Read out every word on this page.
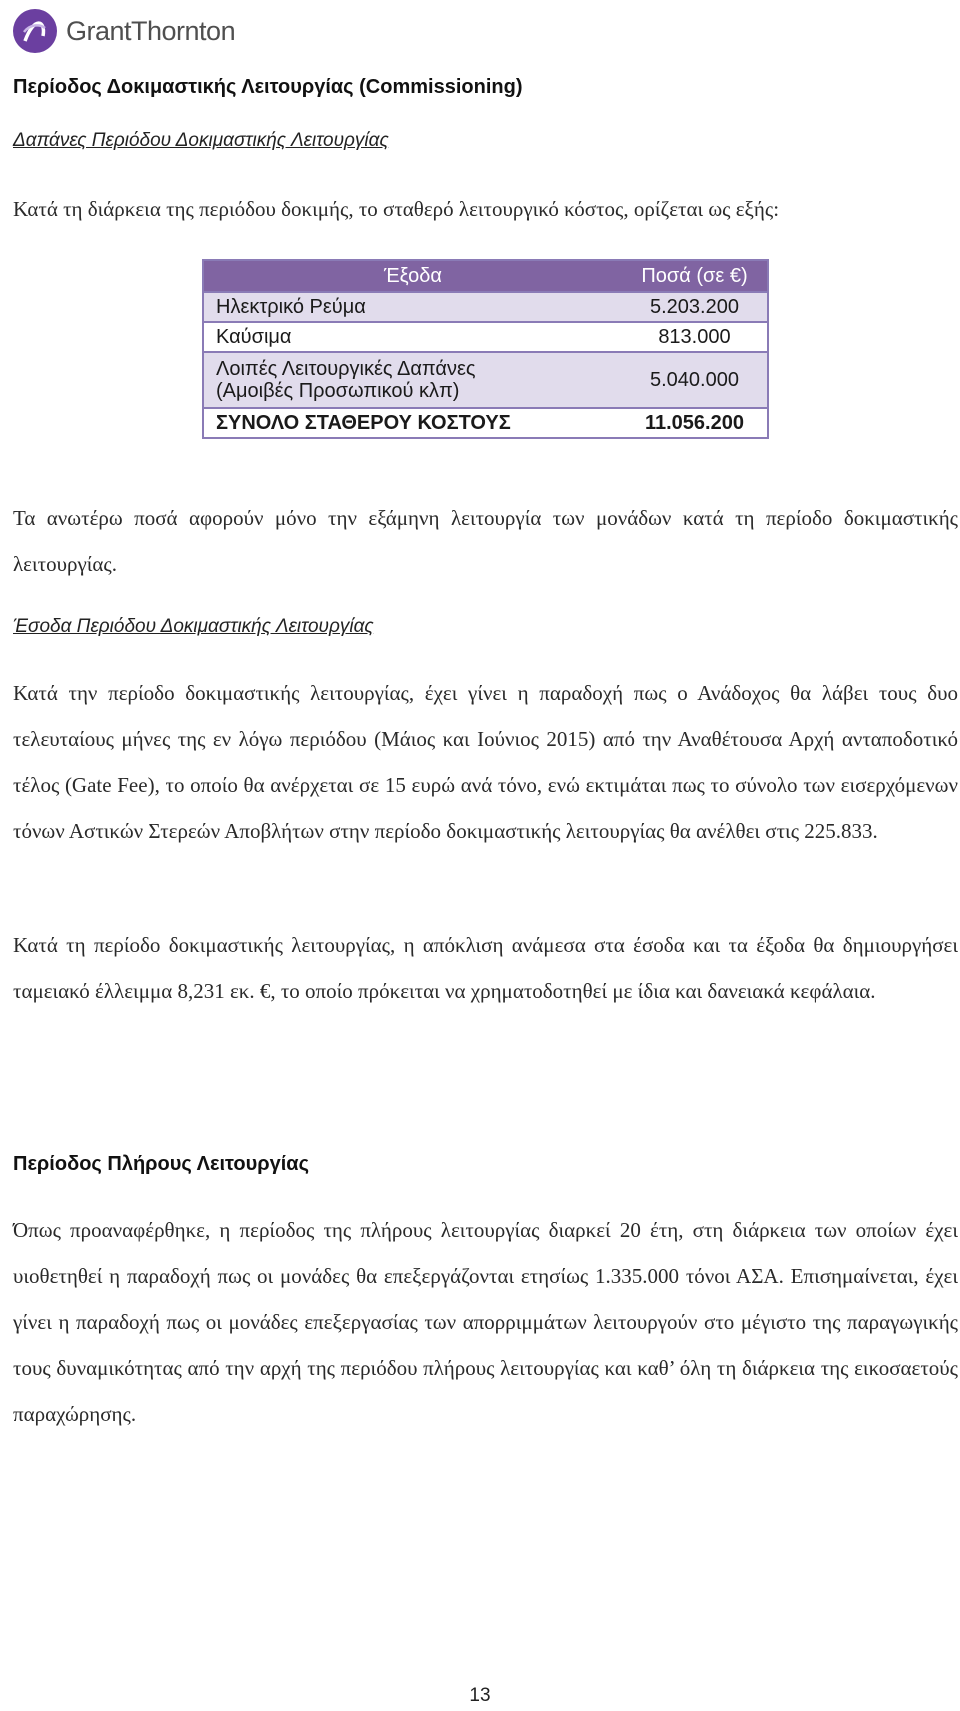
GrantThornton
Περίοδος Δοκιμαστικής Λειτουργίας (Commissioning)
Δαπάνες Περιόδου Δοκιμαστικής Λειτουργίας

Κατά τη διάρκεια της περιόδου δοκιμής, το σταθερό λειτουργικό κόστος, ορίζεται ως εξής:

Έξοδα	Ποσά (σε €)
Ηλεκτρικό Ρεύμα	5.203.200
Καύσιμα	813.000
Λοιπές Λειτουργικές Δαπάνες
(Αμοιβές Προσωπικού κλπ)	5.040.000
ΣΥΝΟΛΟ ΣΤΑΘΕΡΟΥ ΚΟΣΤΟΥΣ	11.056.200

Τα ανωτέρω ποσά αφορούν μόνο την εξάμηνη λειτουργία των μονάδων κατά τη περίοδο δοκιμαστικής λειτουργίας.

Έσοδα Περιόδου Δοκιμαστικής Λειτουργίας

Κατά την περίοδο δοκιμαστικής λειτουργίας, έχει γίνει η παραδοχή πως ο Ανάδοχος θα λάβει τους δυο τελευταίους μήνες της εν λόγω περιόδου (Μάιος και Ιούνιος 2015) από την Αναθέτουσα Αρχή ανταποδοτικό τέλος (Gate Fee), το οποίο θα ανέρχεται σε 15 ευρώ ανά τόνο, ενώ εκτιμάται πως το σύνολο των εισερχόμενων τόνων Αστικών Στερεών Αποβλήτων στην περίοδο δοκιμαστικής λειτουργίας θα ανέλθει στις 225.833.

Κατά τη περίοδο δοκιμαστικής λειτουργίας, η απόκλιση ανάμεσα στα έσοδα και τα έξοδα θα δημιουργήσει ταμειακό έλλειμμα 8,231 εκ. €, το οποίο πρόκειται να χρηματοδοτηθεί με ίδια και δανειακά κεφάλαια.

Περίοδος Πλήρους Λειτουργίας

Όπως προαναφέρθηκε, η περίοδος της πλήρους λειτουργίας διαρκεί 20 έτη, στη διάρκεια των οποίων έχει υιοθετηθεί η παραδοχή πως οι μονάδες θα επεξεργάζονται ετησίως 1.335.000 τόνοι ΑΣΑ. Επισημαίνεται, έχει γίνει η παραδοχή πως οι μονάδες επεξεργασίας των απορριμμάτων λειτουργούν στο μέγιστο της παραγωγικής τους δυναμικότητας από την αρχή της περιόδου πλήρους λειτουργίας και καθ’ όλη τη διάρκεια της εικοσαετούς παραχώρησης.

13
